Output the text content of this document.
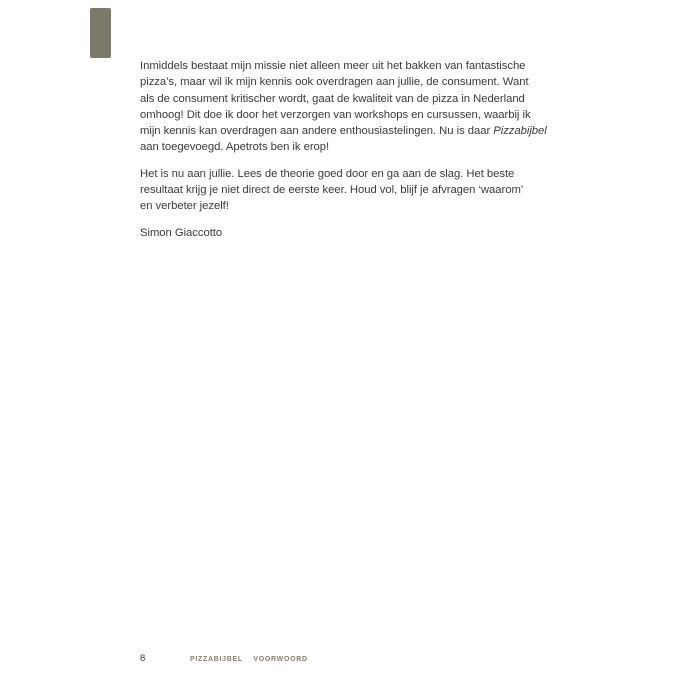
Inmiddels bestaat mijn missie niet alleen meer uit het bakken van fantastische
pizza’s, maar wil ik mijn kennis ook overdragen aan jullie, de consument. Want
als de consument kritischer wordt, gaat de kwaliteit van de pizza in Nederland
omhoog! Dit doe ik door het verzorgen van workshops en cursussen, waarbij ik
mijn kennis kan overdragen aan andere enthousiastelingen. Nu is daar Pizzabijbel
aan toegevoegd. Apetrots ben ik erop!

Het is nu aan jullie. Lees de theorie goed door en ga aan de slag. Het beste
resultaat krijg je niet direct de eerste keer. Houd vol, blijf je afvragen ‘waarom’
en verbeter jezelf!

Simon Giaccotto

8	PIZZABIJBEL VOORWOORD
